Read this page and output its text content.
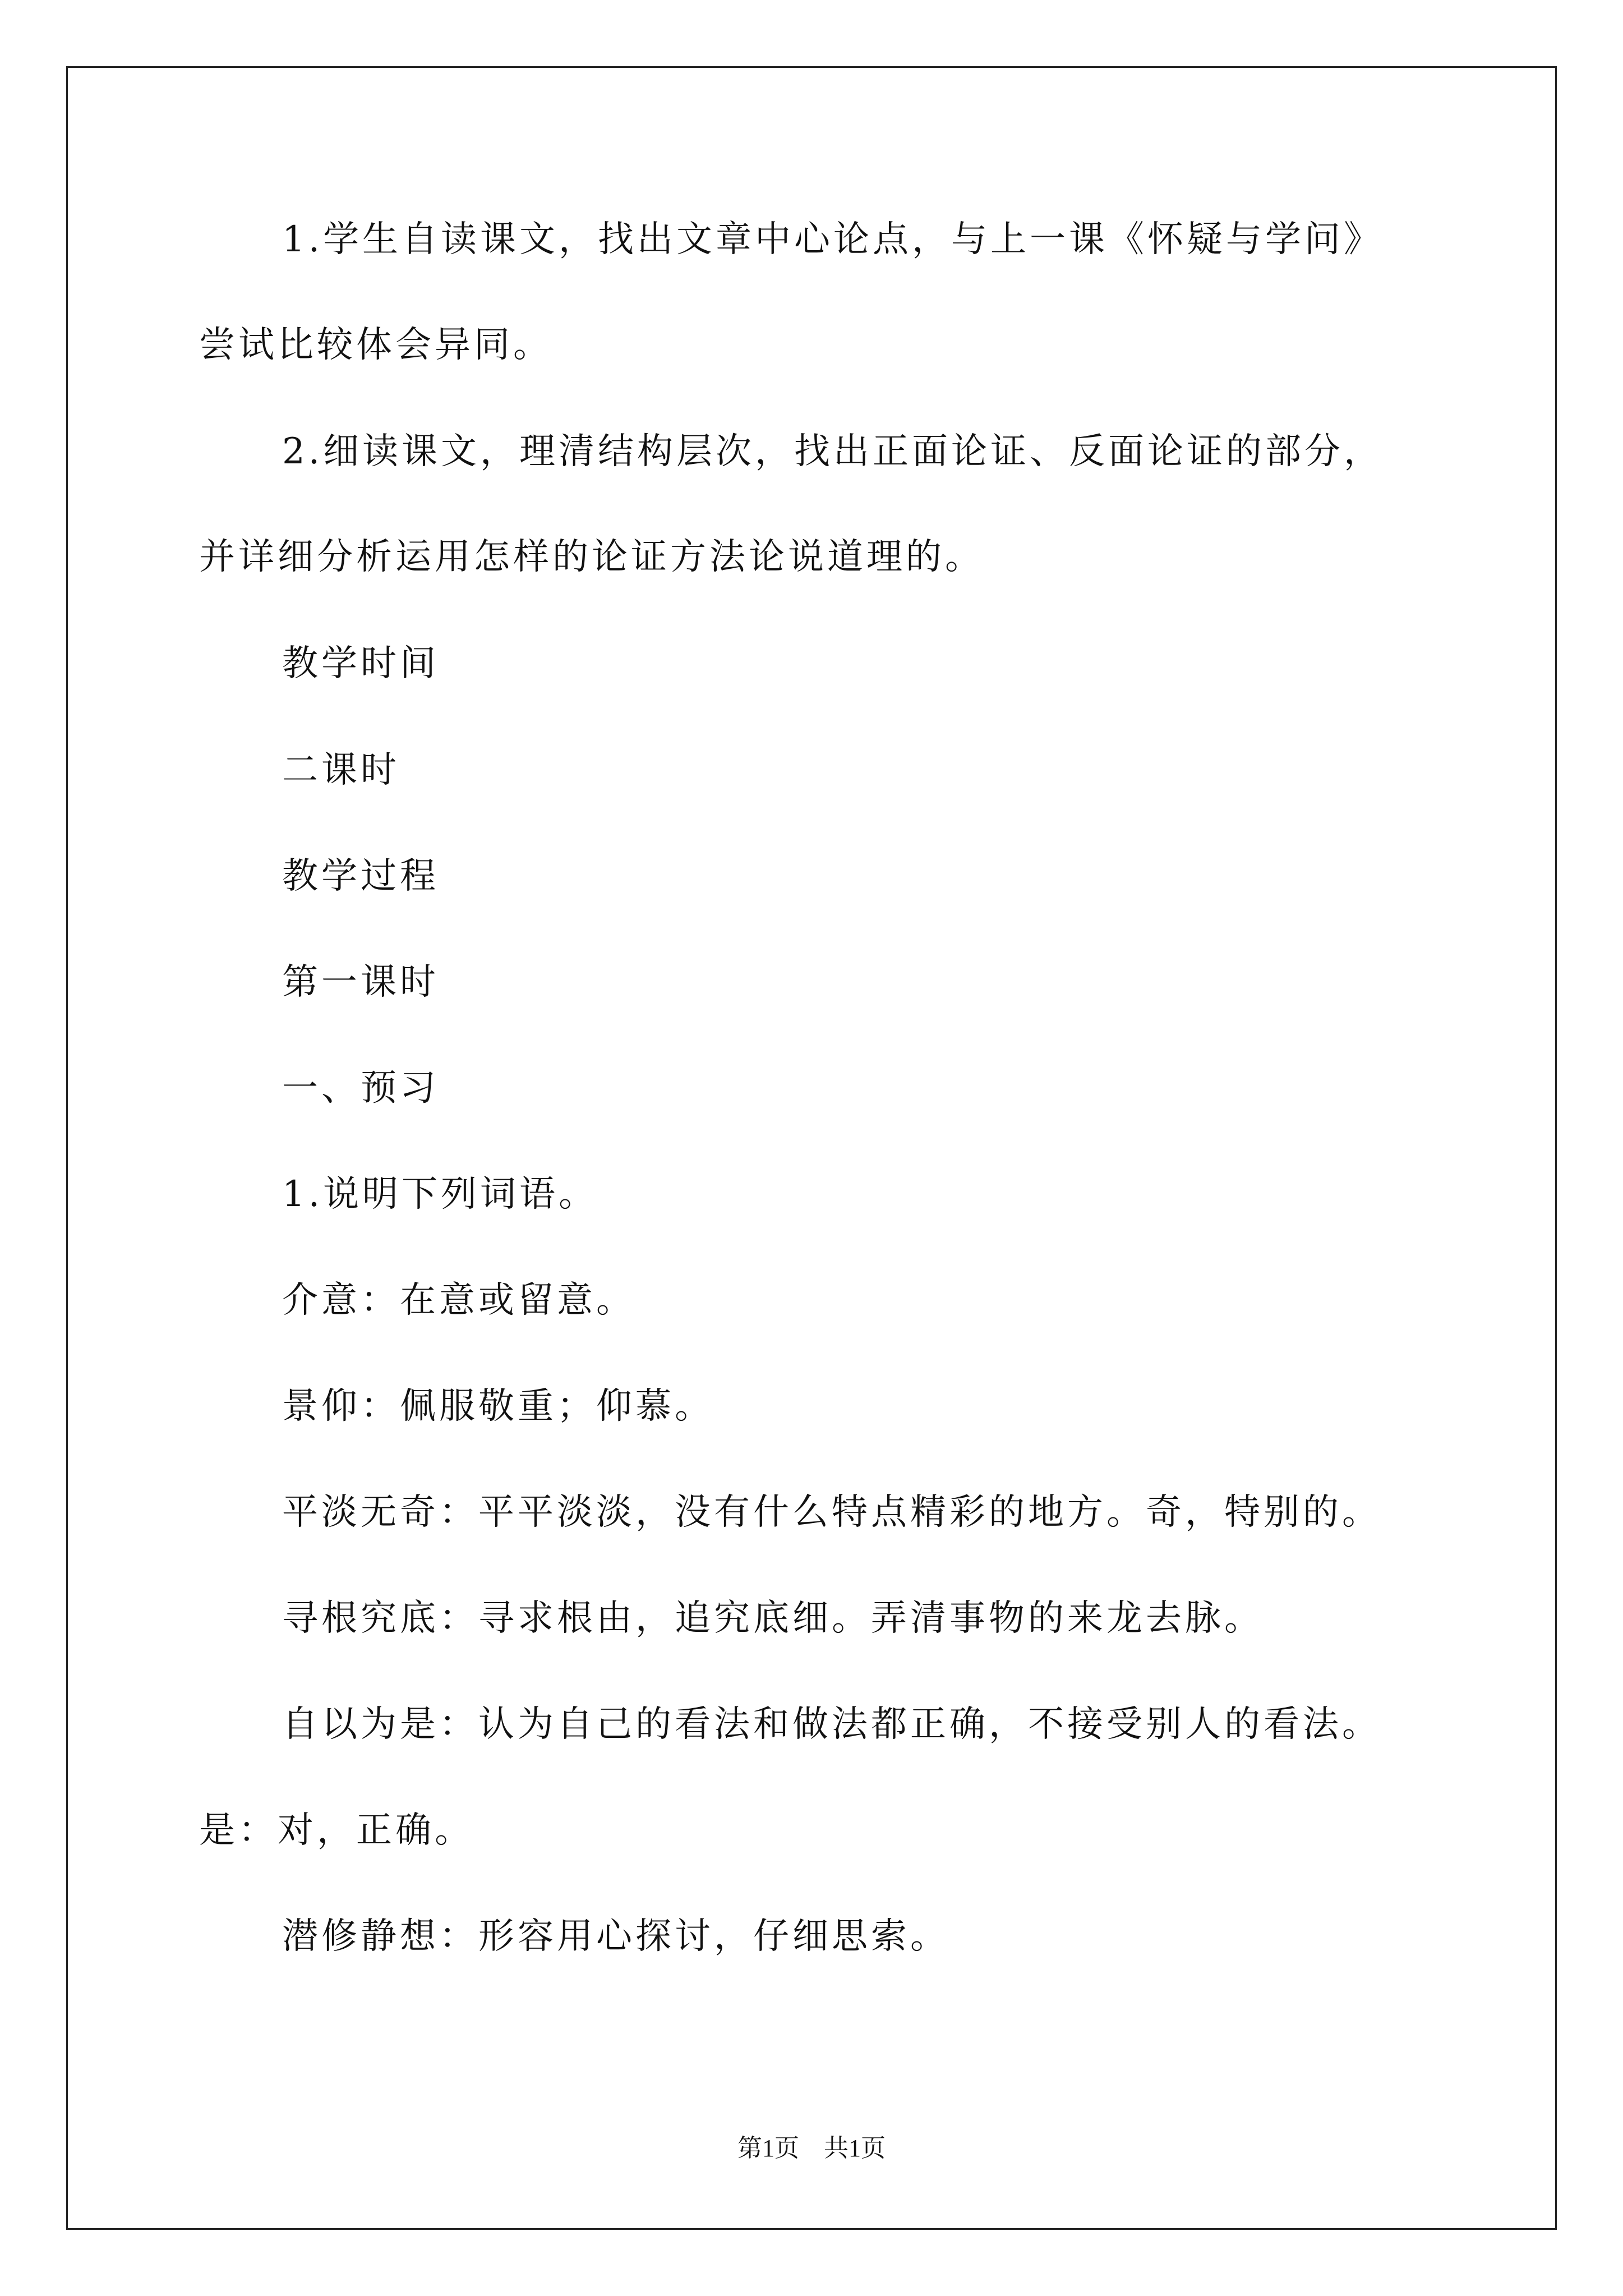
1.学生自读课文，找出文章中心论点，与上一课《怀疑与学问》
尝试比较体会异同。
2.细读课文，理清结构层次，找出正面论证、反面论证的部分，
并详细分析运用怎样的论证方法论说道理的。
教学时间
二课时
教学过程
第一课时
一、预习
1.说明下列词语。
介意：在意或留意。
景仰：佩服敬重；仰慕。
平淡无奇：平平淡淡，没有什么特点精彩的地方。奇，特别的。
寻根究底：寻求根由，追究底细。弄清事物的来龙去脉。
自以为是：认为自己的看法和做法都正确，不接受别人的看法。
是：对，正确。
潜修静想：形容用心探讨，仔细思索。
第1页　共1页
